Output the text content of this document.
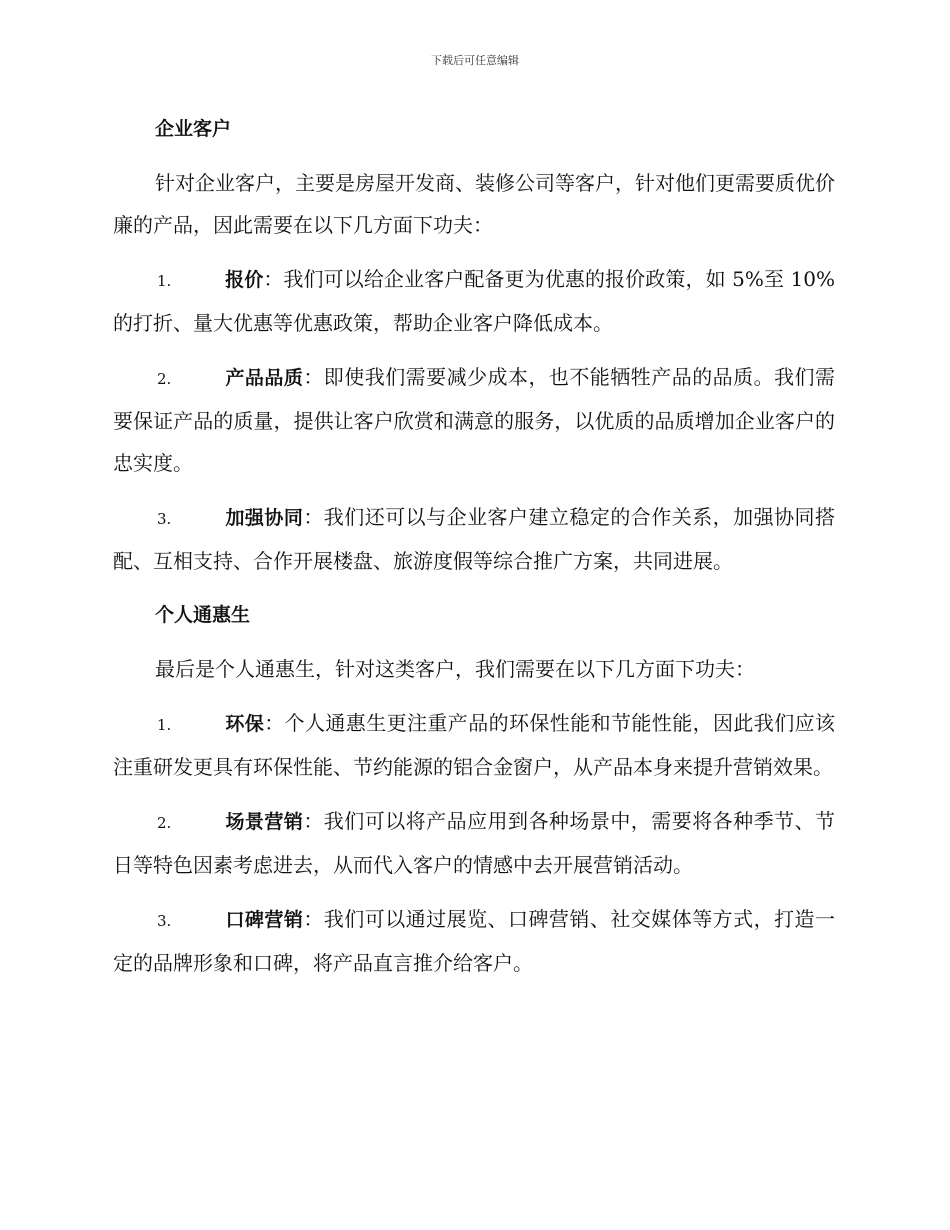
下载后可任意编辑
企业客户

针对企业客户，主要是房屋开发商、装修公司等客户，针对他们更需要质优价廉的产品，因此需要在以下几方面下功夫：

1.	报价：我们可以给企业客户配备更为优惠的报价政策，如 5%至 10%的打折、量大优惠等优惠政策，帮助企业客户降低成本。

2.	产品品质：即使我们需要减少成本，也不能牺牲产品的品质。我们需要保证产品的质量，提供让客户欣赏和满意的服务，以优质的品质增加企业客户的忠实度。

3.	加强协同：我们还可以与企业客户建立稳定的合作关系，加强协同搭配、互相支持、合作开展楼盘、旅游度假等综合推广方案，共同进展。

个人通惠生

最后是个人通惠生，针对这类客户，我们需要在以下几方面下功夫：

1.	环保：个人通惠生更注重产品的环保性能和节能性能，因此我们应该注重研发更具有环保性能、节约能源的铝合金窗户，从产品本身来提升营销效果。

2.	场景营销：我们可以将产品应用到各种场景中，需要将各种季节、节日等特色因素考虑进去，从而代入客户的情感中去开展营销活动。

3.	口碑营销：我们可以通过展览、口碑营销、社交媒体等方式，打造一定的品牌形象和口碑，将产品直言推介给客户。
